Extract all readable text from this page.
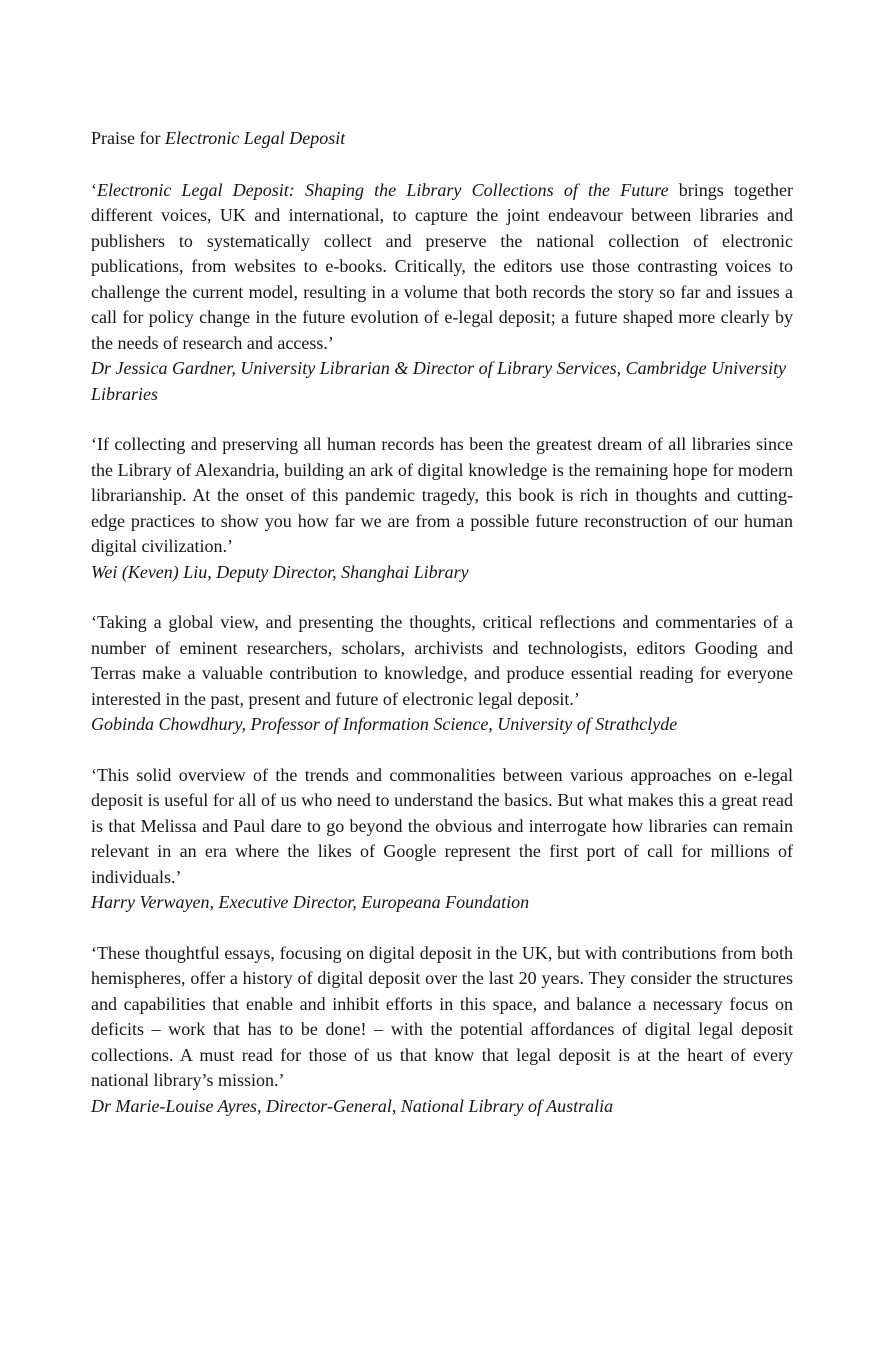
Praise for Electronic Legal Deposit

‘Electronic Legal Deposit: Shaping the Library Collections of the Future brings together different voices, UK and international, to capture the joint endeavour between libraries and publishers to systematically collect and preserve the national collection of electronic publications, from websites to e-books. Critically, the editors use those contrasting voices to challenge the current model, resulting in a volume that both records the story so far and issues a call for policy change in the future evolution of e-legal deposit; a future shaped more clearly by the needs of research and access.’

Dr Jessica Gardner, University Librarian & Director of Library Services, Cambridge University Libraries

‘If collecting and preserving all human records has been the greatest dream of all libraries since the Library of Alexandria, building an ark of digital knowledge is the remaining hope for modern librarianship. At the onset of this pandemic tragedy, this book is rich in thoughts and cutting-edge practices to show you how far we are from a possible future reconstruction of our human digital civilization.’

Wei (Keven) Liu, Deputy Director, Shanghai Library

‘Taking a global view, and presenting the thoughts, critical reflections and commentaries of a number of eminent researchers, scholars, archivists and technologists, editors Gooding and Terras make a valuable contribution to knowledge, and produce essential reading for everyone interested in the past, present and future of electronic legal deposit.’

Gobinda Chowdhury, Professor of Information Science, University of Strathclyde

‘This solid overview of the trends and commonalities between various approaches on e-legal deposit is useful for all of us who need to understand the basics. But what makes this a great read is that Melissa and Paul dare to go beyond the obvious and interrogate how libraries can remain relevant in an era where the likes of Google represent the first port of call for millions of individuals.’

Harry Verwayen, Executive Director, Europeana Foundation

‘These thoughtful essays, focusing on digital deposit in the UK, but with contributions from both hemispheres, offer a history of digital deposit over the last 20 years. They consider the structures and capabilities that enable and inhibit efforts in this space, and balance a necessary focus on deficits – work that has to be done! – with the potential affordances of digital legal deposit collections. A must read for those of us that know that legal deposit is at the heart of every national library’s mission.’

Dr Marie-Louise Ayres, Director-General, National Library of Australia
